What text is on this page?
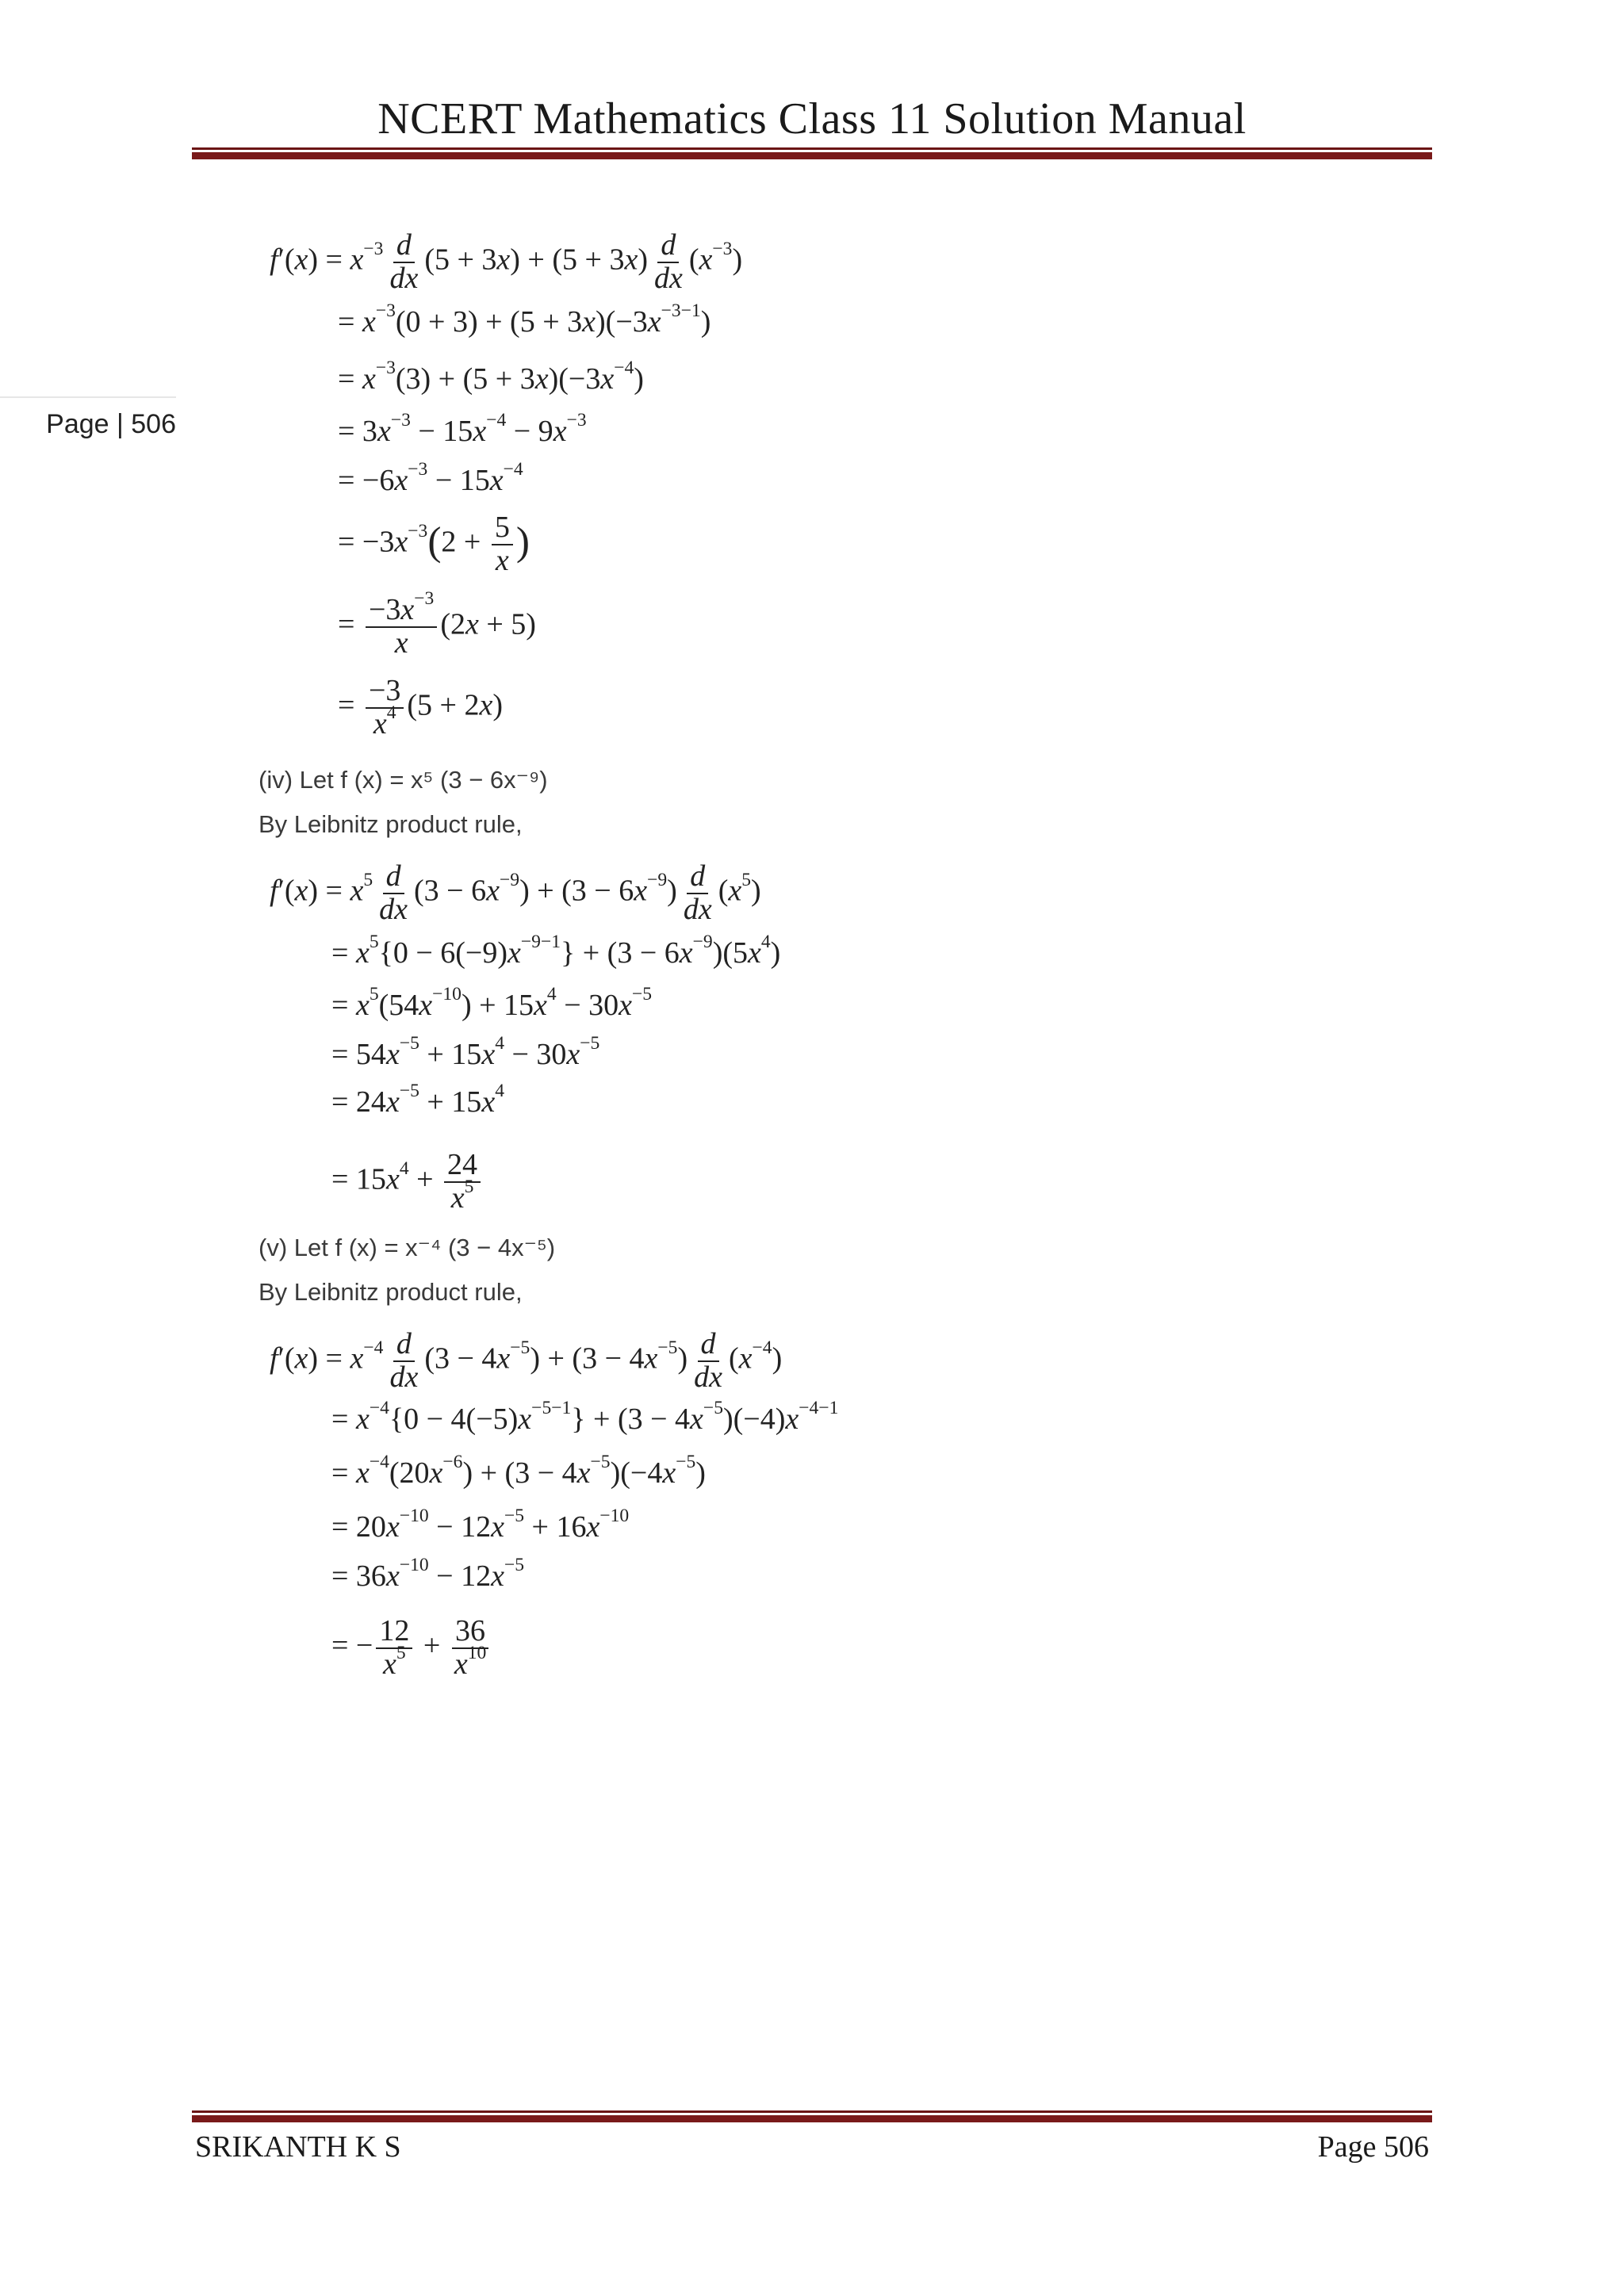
NCERT Mathematics Class 11 Solution Manual
Page | 506
$f'(x) = x^{-3} \frac{d}{dx} (5 + 3x) + (5 + 3x) \frac{d}{dx} (x^{-3})$
= $x^{-3}(0 + 3) + (5 + 3x)(-3x^{-3-1})$
= $x^{-3}(3) + (5 + 3x)(-3x^{-4})$
= $3x^{-3} - 15x^{-4} - 9x^{-3}$
= $-6x^{-3} - 15x^{-4}$
= $-3x^{-3}(2 + \frac{5}{x}$ )
= $\frac{-3x^{-3}}{x} (2x + 5)$
= $\frac{-3}{x^4} (5 + 2x)$
(iv) Let f (x) = x⁵ (3 − 6x⁻⁹)
By Leibnitz product rule,
$f'(x) = x^5 \frac{d}{dx} (3 - 6x^{-9}) + (3 - 6x^{-9}) \frac{d}{dx} (x^5)$
= $x^5\{0 - 6(-9)x^{-9-1}\} + (3 - 6x^{-9})(5x^4)$
= $x^5(54x^{-10}) + 15x^4 - 30x^{-5}$
= $54x^{-5} + 15x^4 - 30x^{-5}$
= $24x^{-5} + 15x^4$
= $15x^4 + \frac{24}{x^5}$
(v) Let f (x) = x⁻⁴ (3 − 4x⁻⁵)
By Leibnitz product rule,
$f'(x) = x^{-4} \frac{d}{dx} (3 - 4x^{-5}) + (3 - 4x^{-5}) \frac{d}{dx} (x^{-4})$
= $x^{-4}\{0 - 4(-5)x^{-5-1}\} + (3 - 4x^{-5})(-4)x^{-4-1}$
= $x^{-4}(20x^{-6}) + (3 - 4x^{-5})(-4x^{-5})$
= $20x^{-10} - 12x^{-5} + 16x^{-10}$
= $36x^{-10} - 12x^{-5}$
= − $\frac{12}{x^5} + \frac{36}{x^{10}}$
SRIKANTH K S	Page 506
